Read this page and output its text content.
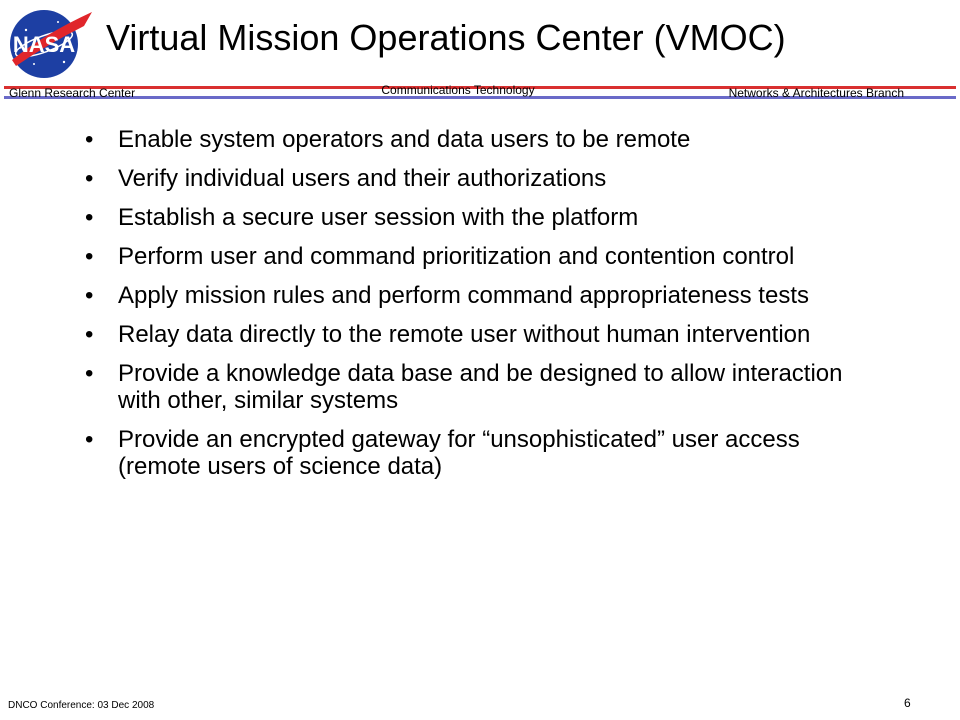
NASA Virtual Mission Operations Center (VMOC)
Glenn Research Center	Communications Technology	Networks & Architectures Branch
• Enable system operators and data users to be remote
• Verify individual users and their authorizations
• Establish a secure user session with the platform
• Perform user and command prioritization and contention control
• Apply mission rules and perform command appropriateness tests
• Relay data directly to the remote user without human intervention
• Provide a knowledge data base and be designed to allow interaction with other, similar systems
• Provide an encrypted gateway for “unsophisticated” user access (remote users of science data)
DNCO Conference: 03 Dec 2008	6
